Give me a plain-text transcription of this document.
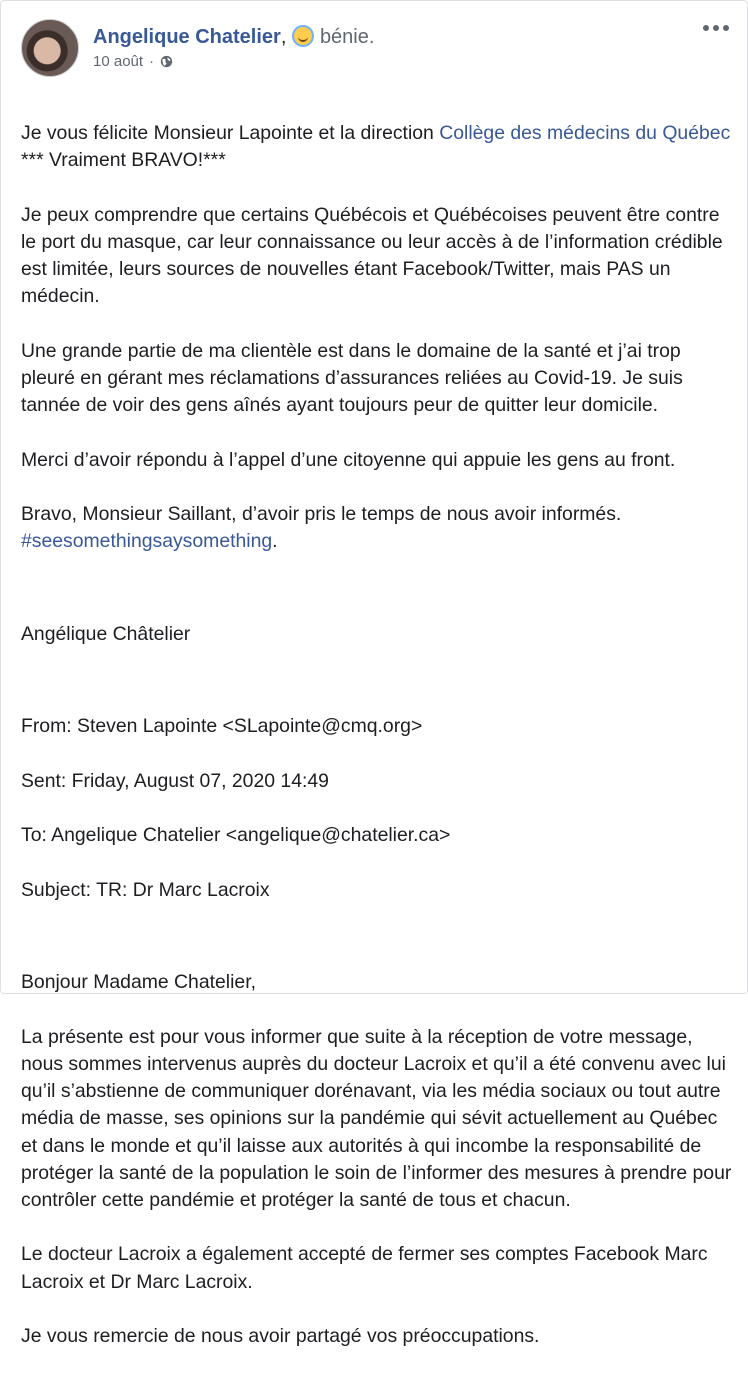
Angelique Chatelier, bénie.
10 août ·

Je vous félicite Monsieur Lapointe et la direction Collège des médecins du Québec *** Vraiment BRAVO!***

Je peux comprendre que certains Québécois et Québécoises peuvent être contre le port du masque, car leur connaissance ou leur accès à de l’information crédible est limitée, leurs sources de nouvelles étant Facebook/Twitter, mais PAS un médecin.

Une grande partie de ma clientèle est dans le domaine de la santé et j’ai trop pleuré en gérant mes réclamations d’assurances reliées au Covid-19. Je suis tannée de voir des gens aînés ayant toujours peur de quitter leur domicile.

Merci d’avoir répondu à l’appel d’une citoyenne qui appuie les gens au front.

Bravo, Monsieur Saillant, d’avoir pris le temps de nous avoir informés.
#seesomethingsaysomething.

Angélique Châtelier

From: Steven Lapointe <SLapointe@cmq.org>

Sent: Friday, August 07, 2020 14:49

To: Angelique Chatelier <angelique@chatelier.ca>

Subject: TR: Dr Marc Lacroix

Bonjour Madame Chatelier,

La présente est pour vous informer que suite à la réception de votre message, nous sommes intervenus auprès du docteur Lacroix et qu’il a été convenu avec lui qu’il s’abstienne de communiquer dorénavant, via les média sociaux ou tout autre média de masse, ses opinions sur la pandémie qui sévit actuellement au Québec et dans le monde et qu’il laisse aux autorités à qui incombe la responsabilité de protéger la santé de la population le soin de l’informer des mesures à prendre pour contrôler cette pandémie et protéger la santé de tous et chacun.

Le docteur Lacroix a également accepté de fermer ses comptes Facebook Marc Lacroix et Dr Marc Lacroix.

Je vous remercie de nous avoir partagé vos préoccupations.
